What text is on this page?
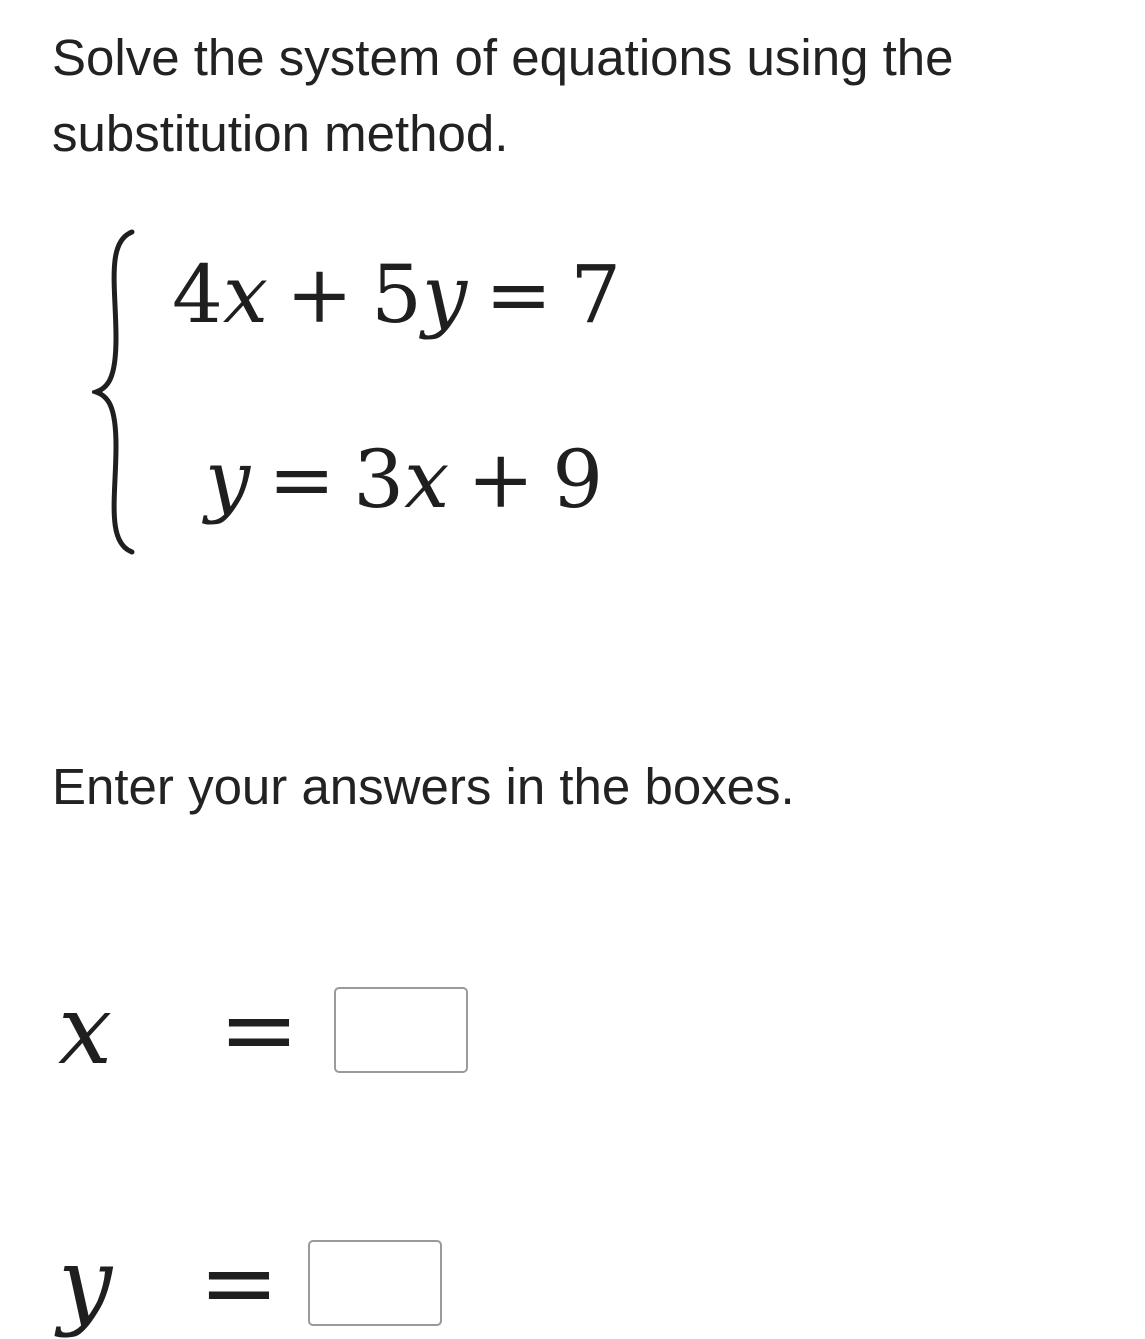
Solve the system of equations using the
substitution method.
4x + 5y = 7
y = 3x + 9
Enter your answers in the boxes.
x	=
y =
